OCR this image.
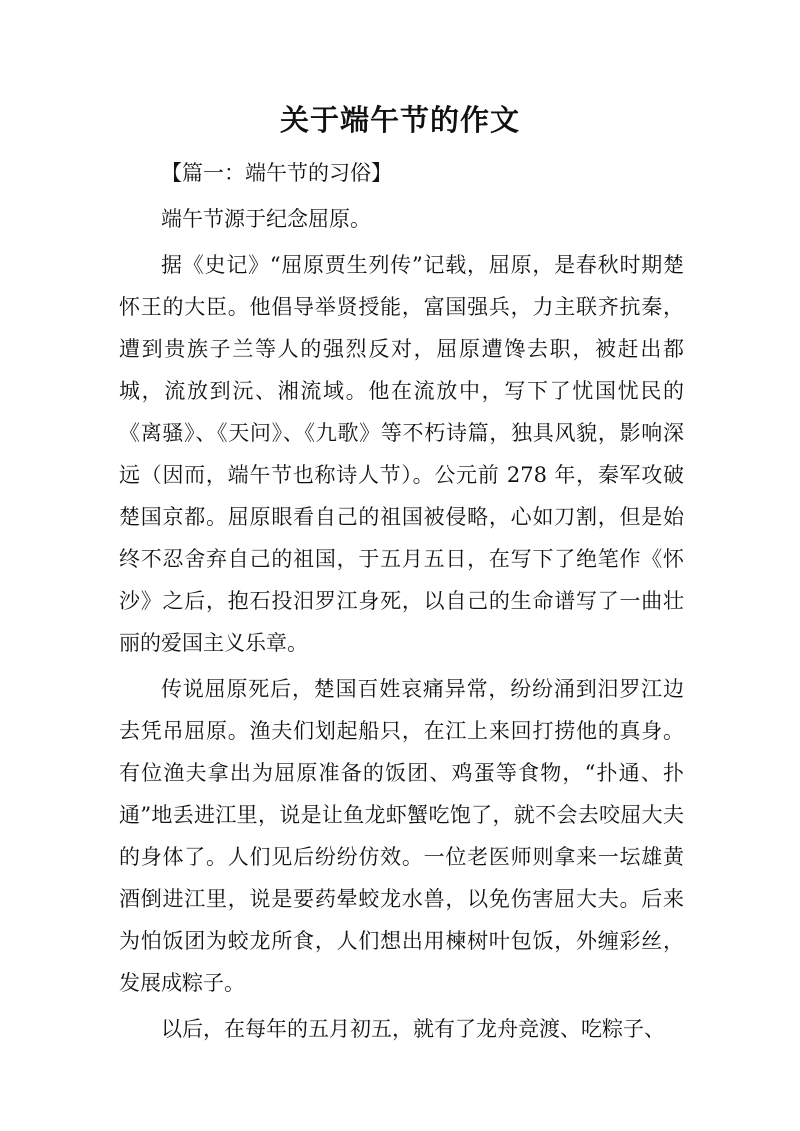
关于端午节的作文

【篇一：端午节的习俗】

端午节源于纪念屈原。

据《史记》“屈原贾生列传”记载，屈原，是春秋时期楚怀王的大臣。他倡导举贤授能，富国强兵，力主联齐抗秦，遭到贵族子兰等人的强烈反对，屈原遭馋去职，被赶出都城，流放到沅、湘流域。他在流放中，写下了忧国忧民的《离骚》、《天问》、《九歌》等不朽诗篇，独具风貌，影响深远（因而，端午节也称诗人节）。公元前 278 年，秦军攻破楚国京都。屈原眼看自己的祖国被侵略，心如刀割，但是始终不忍舍弃自己的祖国，于五月五日，在写下了绝笔作《怀沙》之后，抱石投汨罗江身死，以自己的生命谱写了一曲壮丽的爱国主义乐章。

传说屈原死后，楚国百姓哀痛异常，纷纷涌到汨罗江边去凭吊屈原。渔夫们划起船只，在江上来回打捞他的真身。有位渔夫拿出为屈原准备的饭团、鸡蛋等食物，“扑通、扑通”地丢进江里，说是让鱼龙虾蟹吃饱了，就不会去咬屈大夫的身体了。人们见后纷纷仿效。一位老医师则拿来一坛雄黄酒倒进江里，说是要药晕蛟龙水兽，以免伤害屈大夫。后来为怕饭团为蛟龙所食，人们想出用楝树叶包饭，外缠彩丝，发展成粽子。

以后，在每年的五月初五，就有了龙舟竞渡、吃粽子、
